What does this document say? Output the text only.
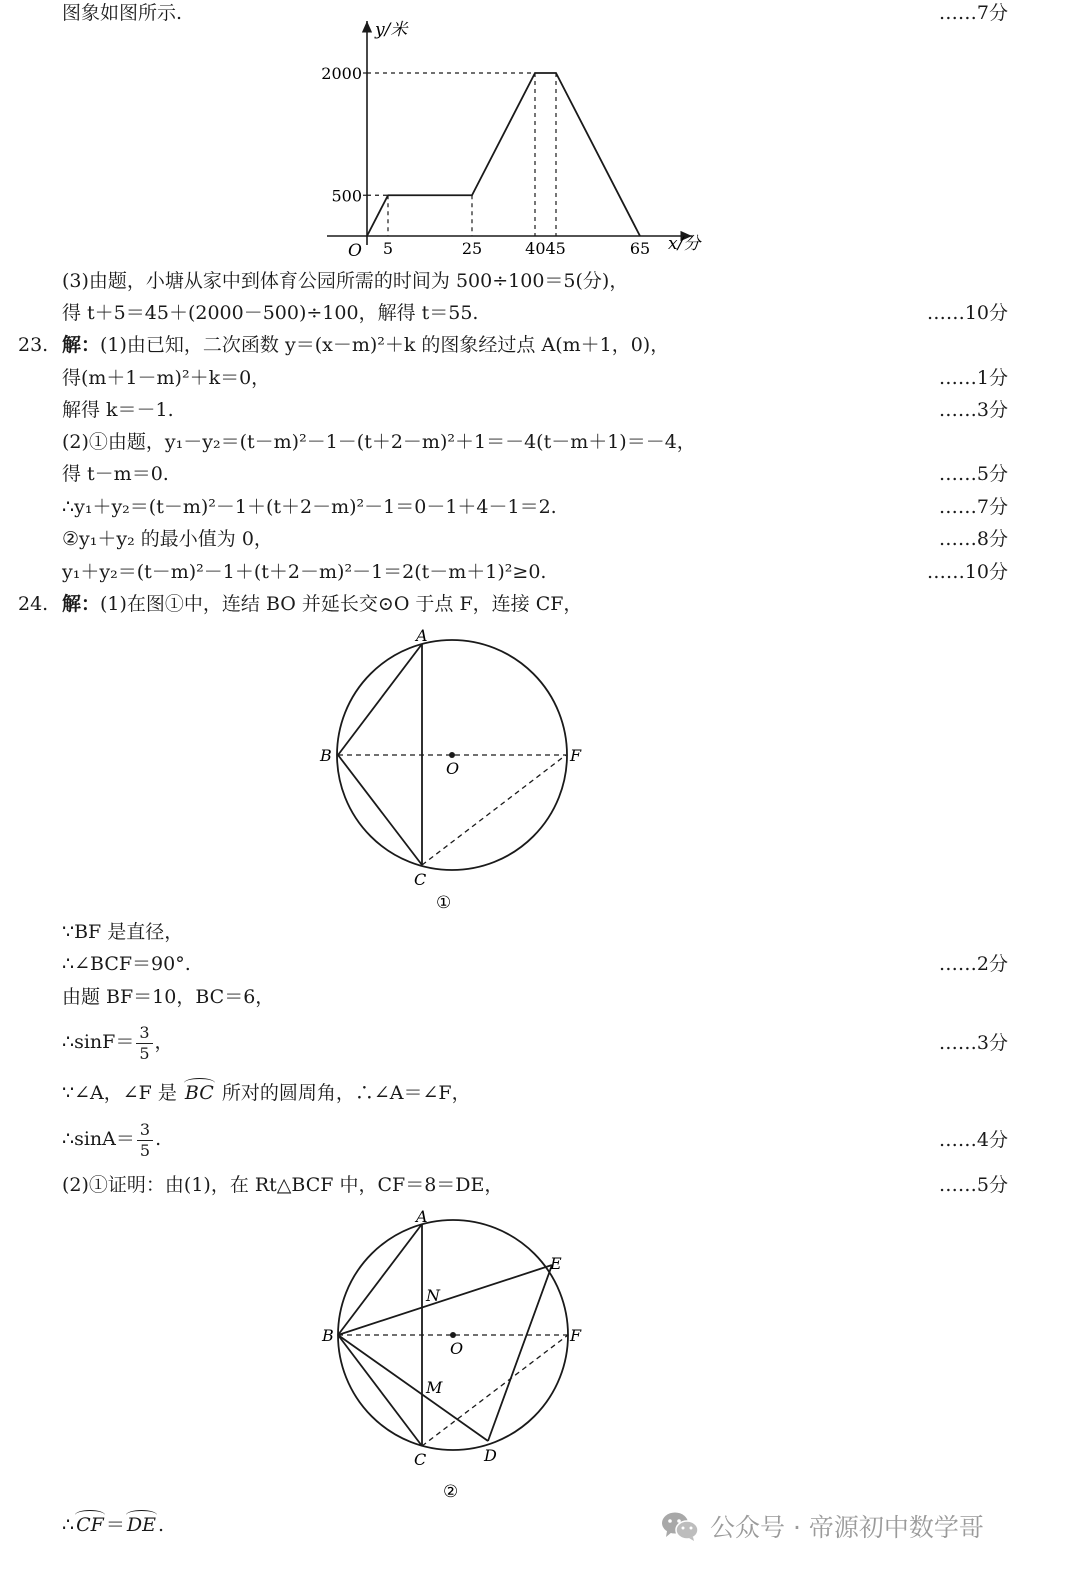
图象如图所示.	……7分
5	25	4045	65
500
2000
y/米
x/分
O
(3)由题，小塘从家中到体育公园所需的时间为 500÷100＝5(分)，
得 t＋5＝45＋(2000－500)÷100，解得 t＝55.	……10分
23. 解：(1)由已知，二次函数 y＝(x－m)²＋k 的图象经过点 A(m＋1，0)，
得(m＋1－m)²＋k＝0，	……1分
解得 k＝－1.	……3分
(2)①由题，y₁－y₂＝(t－m)²－1－(t＋2－m)²＋1＝－4(t－m＋1)＝－4，
得 t－m＝0.	……5分
∴y₁＋y₂＝(t－m)²－1＋(t＋2－m)²－1＝0－1＋4－1＝2.	……7分
②y₁＋y₂ 的最小值为 0，	……8分
y₁＋y₂＝(t－m)²－1＋(t＋2－m)²－1＝2(t－m＋1)²≥0.	……10分
24. 解：(1)在图①中，连结 BO 并延长交⊙O 于点 F，连接 CF，
A
B
O
F
C
①
∵BF 是直径，
∴∠BCF＝90°.	……2分
由题 BF＝10，BC＝6，
∴sinF＝ $\frac{3}{5}$ ，	……3分
∵∠A，∠F 是 BC 所对的圆周角，∴∠A＝∠F，
∴sinA＝ $\frac{3}{5}$ .	……4分
(2)①证明：由(1)，在 Rt△BCF 中，CF＝8＝DE，	……5分
A
E
N
B
O
F
M
C	D
②
∴ CF ＝ DE .	公众号 · 帝源初中数学哥
